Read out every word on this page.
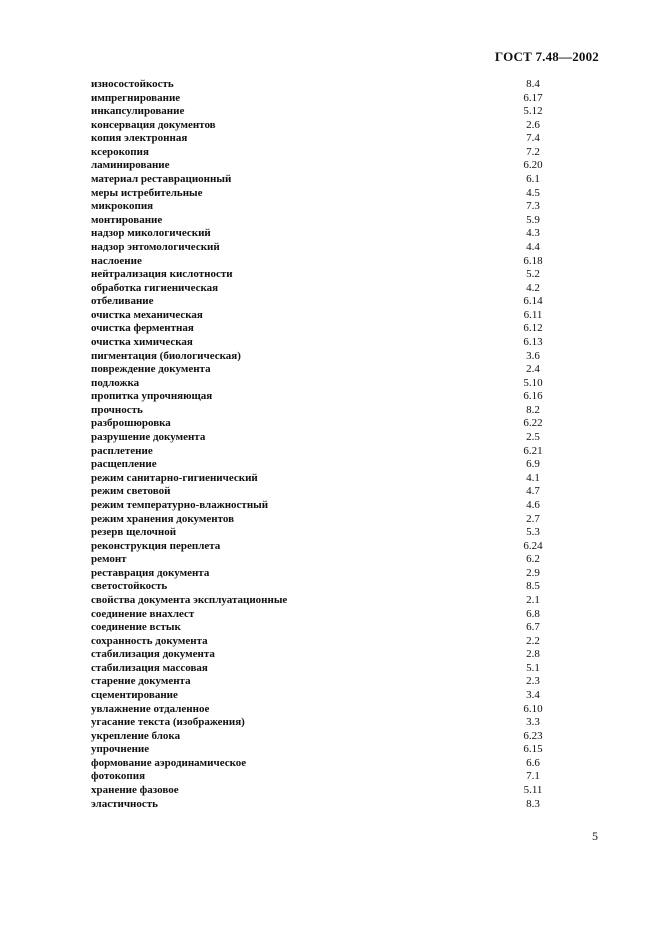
ГОСТ 7.48—2002
износостойкость	8.4
импрегнирование	6.17
инкапсулирование	5.12
консервация документов	2.6
копия электронная	7.4
ксерокопия	7.2
ламинирование	6.20
материал реставрационный	6.1
меры истребительные	4.5
микрокопия	7.3
монтирование	5.9
надзор микологический	4.3
надзор энтомологический	4.4
наслоение	6.18
нейтрализация кислотности	5.2
обработка гигиеническая	4.2
отбеливание	6.14
очистка механическая	6.11
очистка ферментная	6.12
очистка химическая	6.13
пигментация (биологическая)	3.6
повреждение документа	2.4
подложка	5.10
пропитка упрочняющая	6.16
прочность	8.2
разброшюровка	6.22
разрушение документа	2.5
расплетение	6.21
расщепление	6.9
режим санитарно-гигиенический	4.1
режим световой	4.7
режим температурно-влажностный	4.6
режим хранения документов	2.7
резерв щелочной	5.3
реконструкция переплета	6.24
ремонт	6.2
реставрация документа	2.9
светостойкость	8.5
свойства документа эксплуатационные	2.1
соединение внахлест	6.8
соединение встык	6.7
сохранность документа	2.2
стабилизация документа	2.8
стабилизация массовая	5.1
старение документа	2.3
сцементирование	3.4
увлажнение отдаленное	6.10
угасание текста (изображения)	3.3
укрепление блока	6.23
упрочнение	6.15
формование аэродинамическое	6.6
фотокопия	7.1
хранение фазовое	5.11
эластичность	8.3
5
